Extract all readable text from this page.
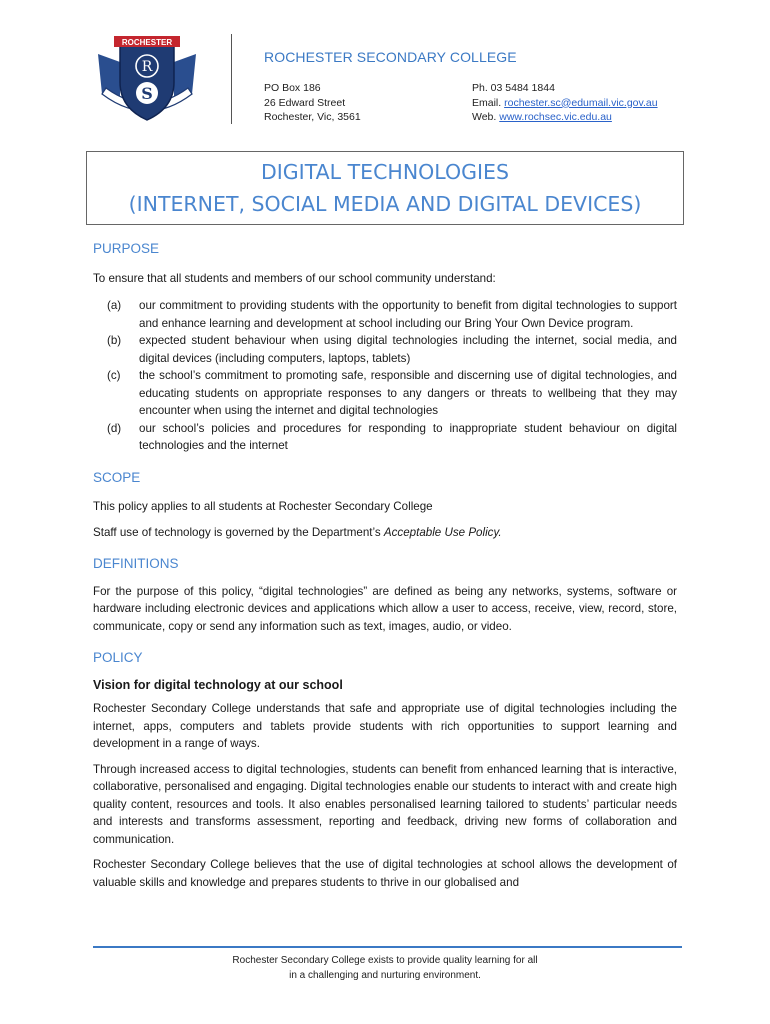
ROCHESTER
R
S
ROCHESTER SECONDARY COLLEGE
PO Box 186
26 Edward Street
Rochester, Vic, 3561
Ph. 03 5484 1844
Email. rochester.sc@edumail.vic.gov.au
Web. www.rochsec.vic.edu.au
DIGITAL TECHNOLOGIES
(INTERNET, SOCIAL MEDIA AND DIGITAL DEVICES)

PURPOSE

To ensure that all students and members of our school community understand:

(a) our commitment to providing students with the opportunity to benefit from digital technologies to support and enhance learning and development at school including our Bring Your Own Device program.
(b) expected student behaviour when using digital technologies including the internet, social media, and digital devices (including computers, laptops, tablets)
(c) the school’s commitment to promoting safe, responsible and discerning use of digital technologies, and educating students on appropriate responses to any dangers or threats to wellbeing that they may encounter when using the internet and digital technologies
(d) our school’s policies and procedures for responding to inappropriate student behaviour on digital technologies and the internet

SCOPE

This policy applies to all students at Rochester Secondary College

Staff use of technology is governed by the Department’s Acceptable Use Policy.

DEFINITIONS

For the purpose of this policy, “digital technologies” are defined as being any networks, systems, software or hardware including electronic devices and applications which allow a user to access, receive, view, record, store, communicate, copy or send any information such as text, images, audio, or video.

POLICY

Vision for digital technology at our school

Rochester Secondary College understands that safe and appropriate use of digital technologies including the internet, apps, computers and tablets provide students with rich opportunities to support learning and development in a range of ways.

Through increased access to digital technologies, students can benefit from enhanced learning that is interactive, collaborative, personalised and engaging. Digital technologies enable our students to interact with and create high quality content, resources and tools. It also enables personalised learning tailored to students’ particular needs and interests and transforms assessment, reporting and feedback, driving new forms of collaboration and communication.

Rochester Secondary College believes that the use of digital technologies at school allows the development of valuable skills and knowledge and prepares students to thrive in our globalised and

Rochester Secondary College exists to provide quality learning for all
in a challenging and nurturing environment.
